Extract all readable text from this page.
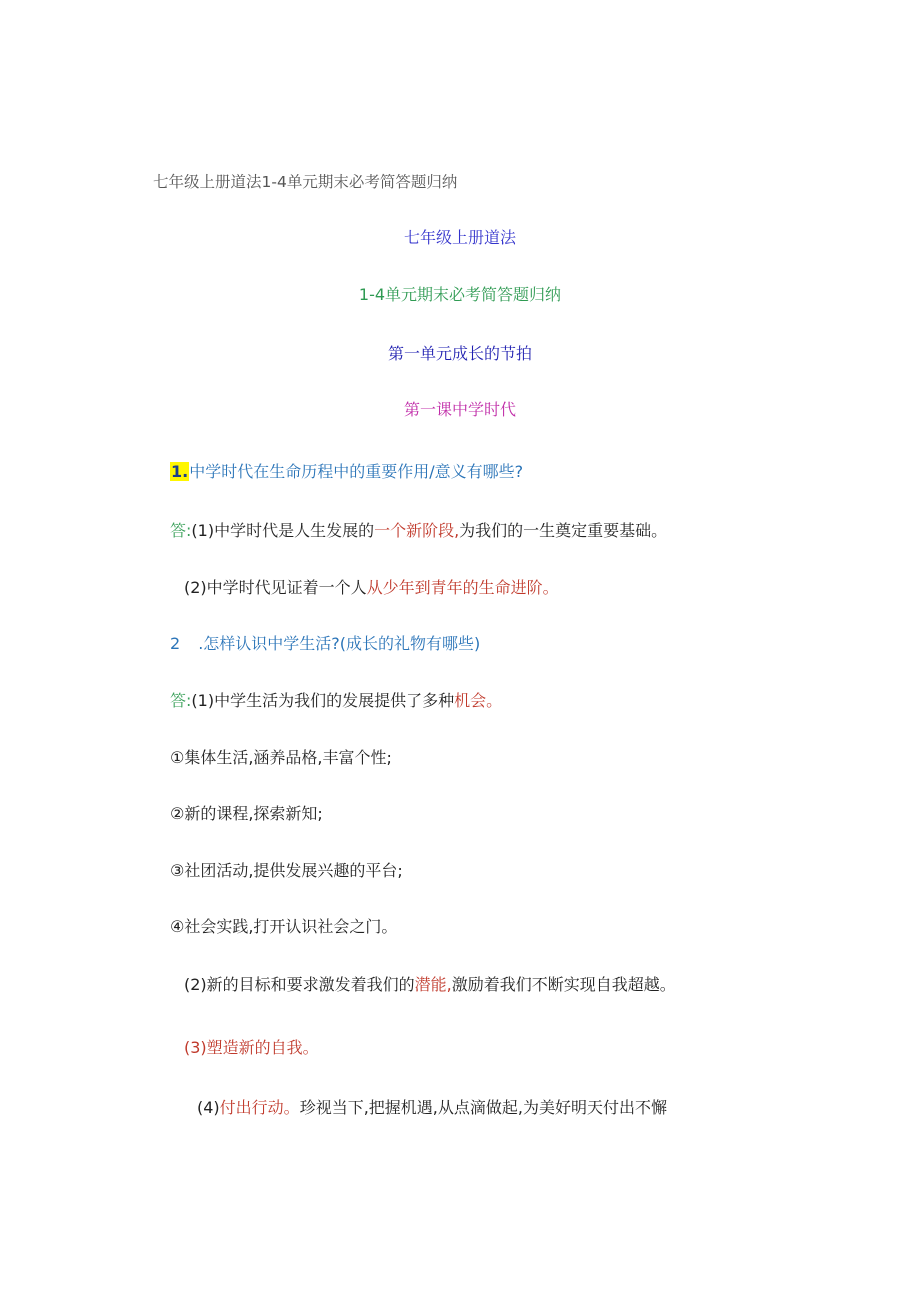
七年级上册道法1-4单元期末必考简答题归纳
七年级上册道法
1-4单元期末必考简答题归纳
第一单元成长的节拍
第一课中学时代
1.中学时代在生命历程中的重要作用/意义有哪些?
答:(1)中学时代是人生发展的一个新阶段,为我们的一生奠定重要基础。
(2)中学时代见证着一个人从少年到青年的生命进阶。
2 .怎样认识中学生活?(成长的礼物有哪些)
答:(1)中学生活为我们的发展提供了多种机会。
①集体生活,涵养品格,丰富个性;
②新的课程,探索新知;
③社团活动,提供发展兴趣的平台;
④社会实践,打开认识社会之门。
(2)新的目标和要求激发着我们的潜能,激励着我们不断实现自我超越。
(3)塑造新的自我。
(4)付出行动。珍视当下,把握机遇,从点滴做起,为美好明天付出不懈
